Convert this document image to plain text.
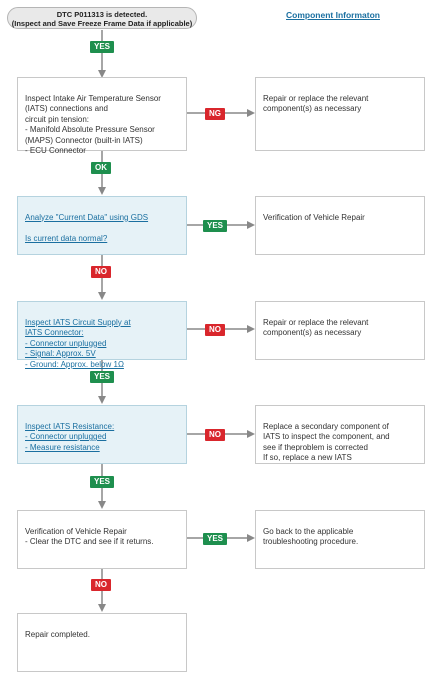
DTC P011313 is detected.
(Inspect and Save Freeze Frame Data if applicable)
Component Informaton

Inspect Intake Air Temperature Sensor
(IATS) connections and
circuit pin tension:
- Manifold Absolute Pressure Sensor
(MAPS) Connector (built-in IATS)
- ECU Connector

Repair or replace the relevant
component(s) as necessary

Analyze "Current Data" using GDS

Is current data normal?

Verification of Vehicle Repair

Inspect IATS Circuit Supply at
IATS Connector:
- Connector unplugged
- Signal: Approx. 5V
- Ground: Approx. below 1Ω

Repair or replace the relevant
component(s) as necessary

Inspect IATS Resistance:
- Connector unplugged
- Measure resistance

Replace a secondary component of
IATS to inspect the component, and
see if theproblem is corrected
If so, replace a new IATS

Verification of Vehicle Repair
- Clear the DTC and see if it returns.

Go back to the applicable
troubleshooting procedure.

Repair completed.

YES
NG
OK
YES
NO
NO
YES
NO
YES
YES
NO
